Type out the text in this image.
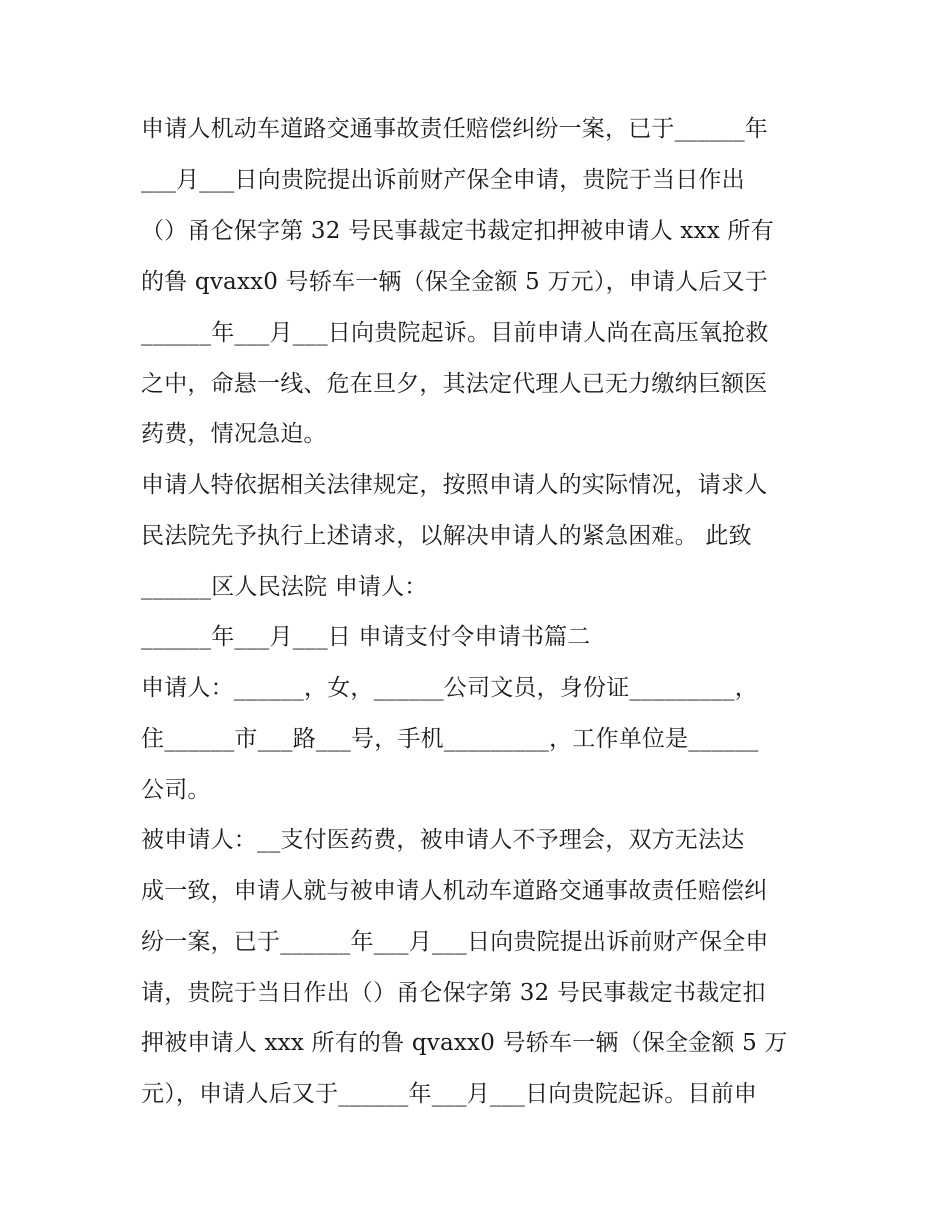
申请人机动车道路交通事故责任赔偿纠纷一案，已于______年
___月___日向贵院提出诉前财产保全申请，贵院于当日作出
（）甬仑保字第 32 号民事裁定书裁定扣押被申请人 xxx 所有
的鲁 qvaxx0 号轿车一辆（保全金额 5 万元），申请人后又于
______年___月___日向贵院起诉。目前申请人尚在高压氧抢救
之中，命悬一线、危在旦夕，其法定代理人已无力缴纳巨额医
药费，情况急迫。
申请人特依据相关法律规定，按照申请人的实际情况，请求人
民法院先予执行上述请求，以解决申请人的紧急困难。 此致
______区人民法院 申请人：
______年___月___日 申请支付令申请书篇二
申请人：______，女，______公司文员，身份证_________，
住______市___路___号，手机_________，工作单位是______
公司。
被申请人：__支付医药费，被申请人不予理会，双方无法达
成一致，申请人就与被申请人机动车道路交通事故责任赔偿纠
纷一案，已于______年___月___日向贵院提出诉前财产保全申
请，贵院于当日作出（）甬仑保字第 32 号民事裁定书裁定扣
押被申请人 xxx 所有的鲁 qvaxx0 号轿车一辆（保全金额 5 万
元），申请人后又于______年___月___日向贵院起诉。目前申
